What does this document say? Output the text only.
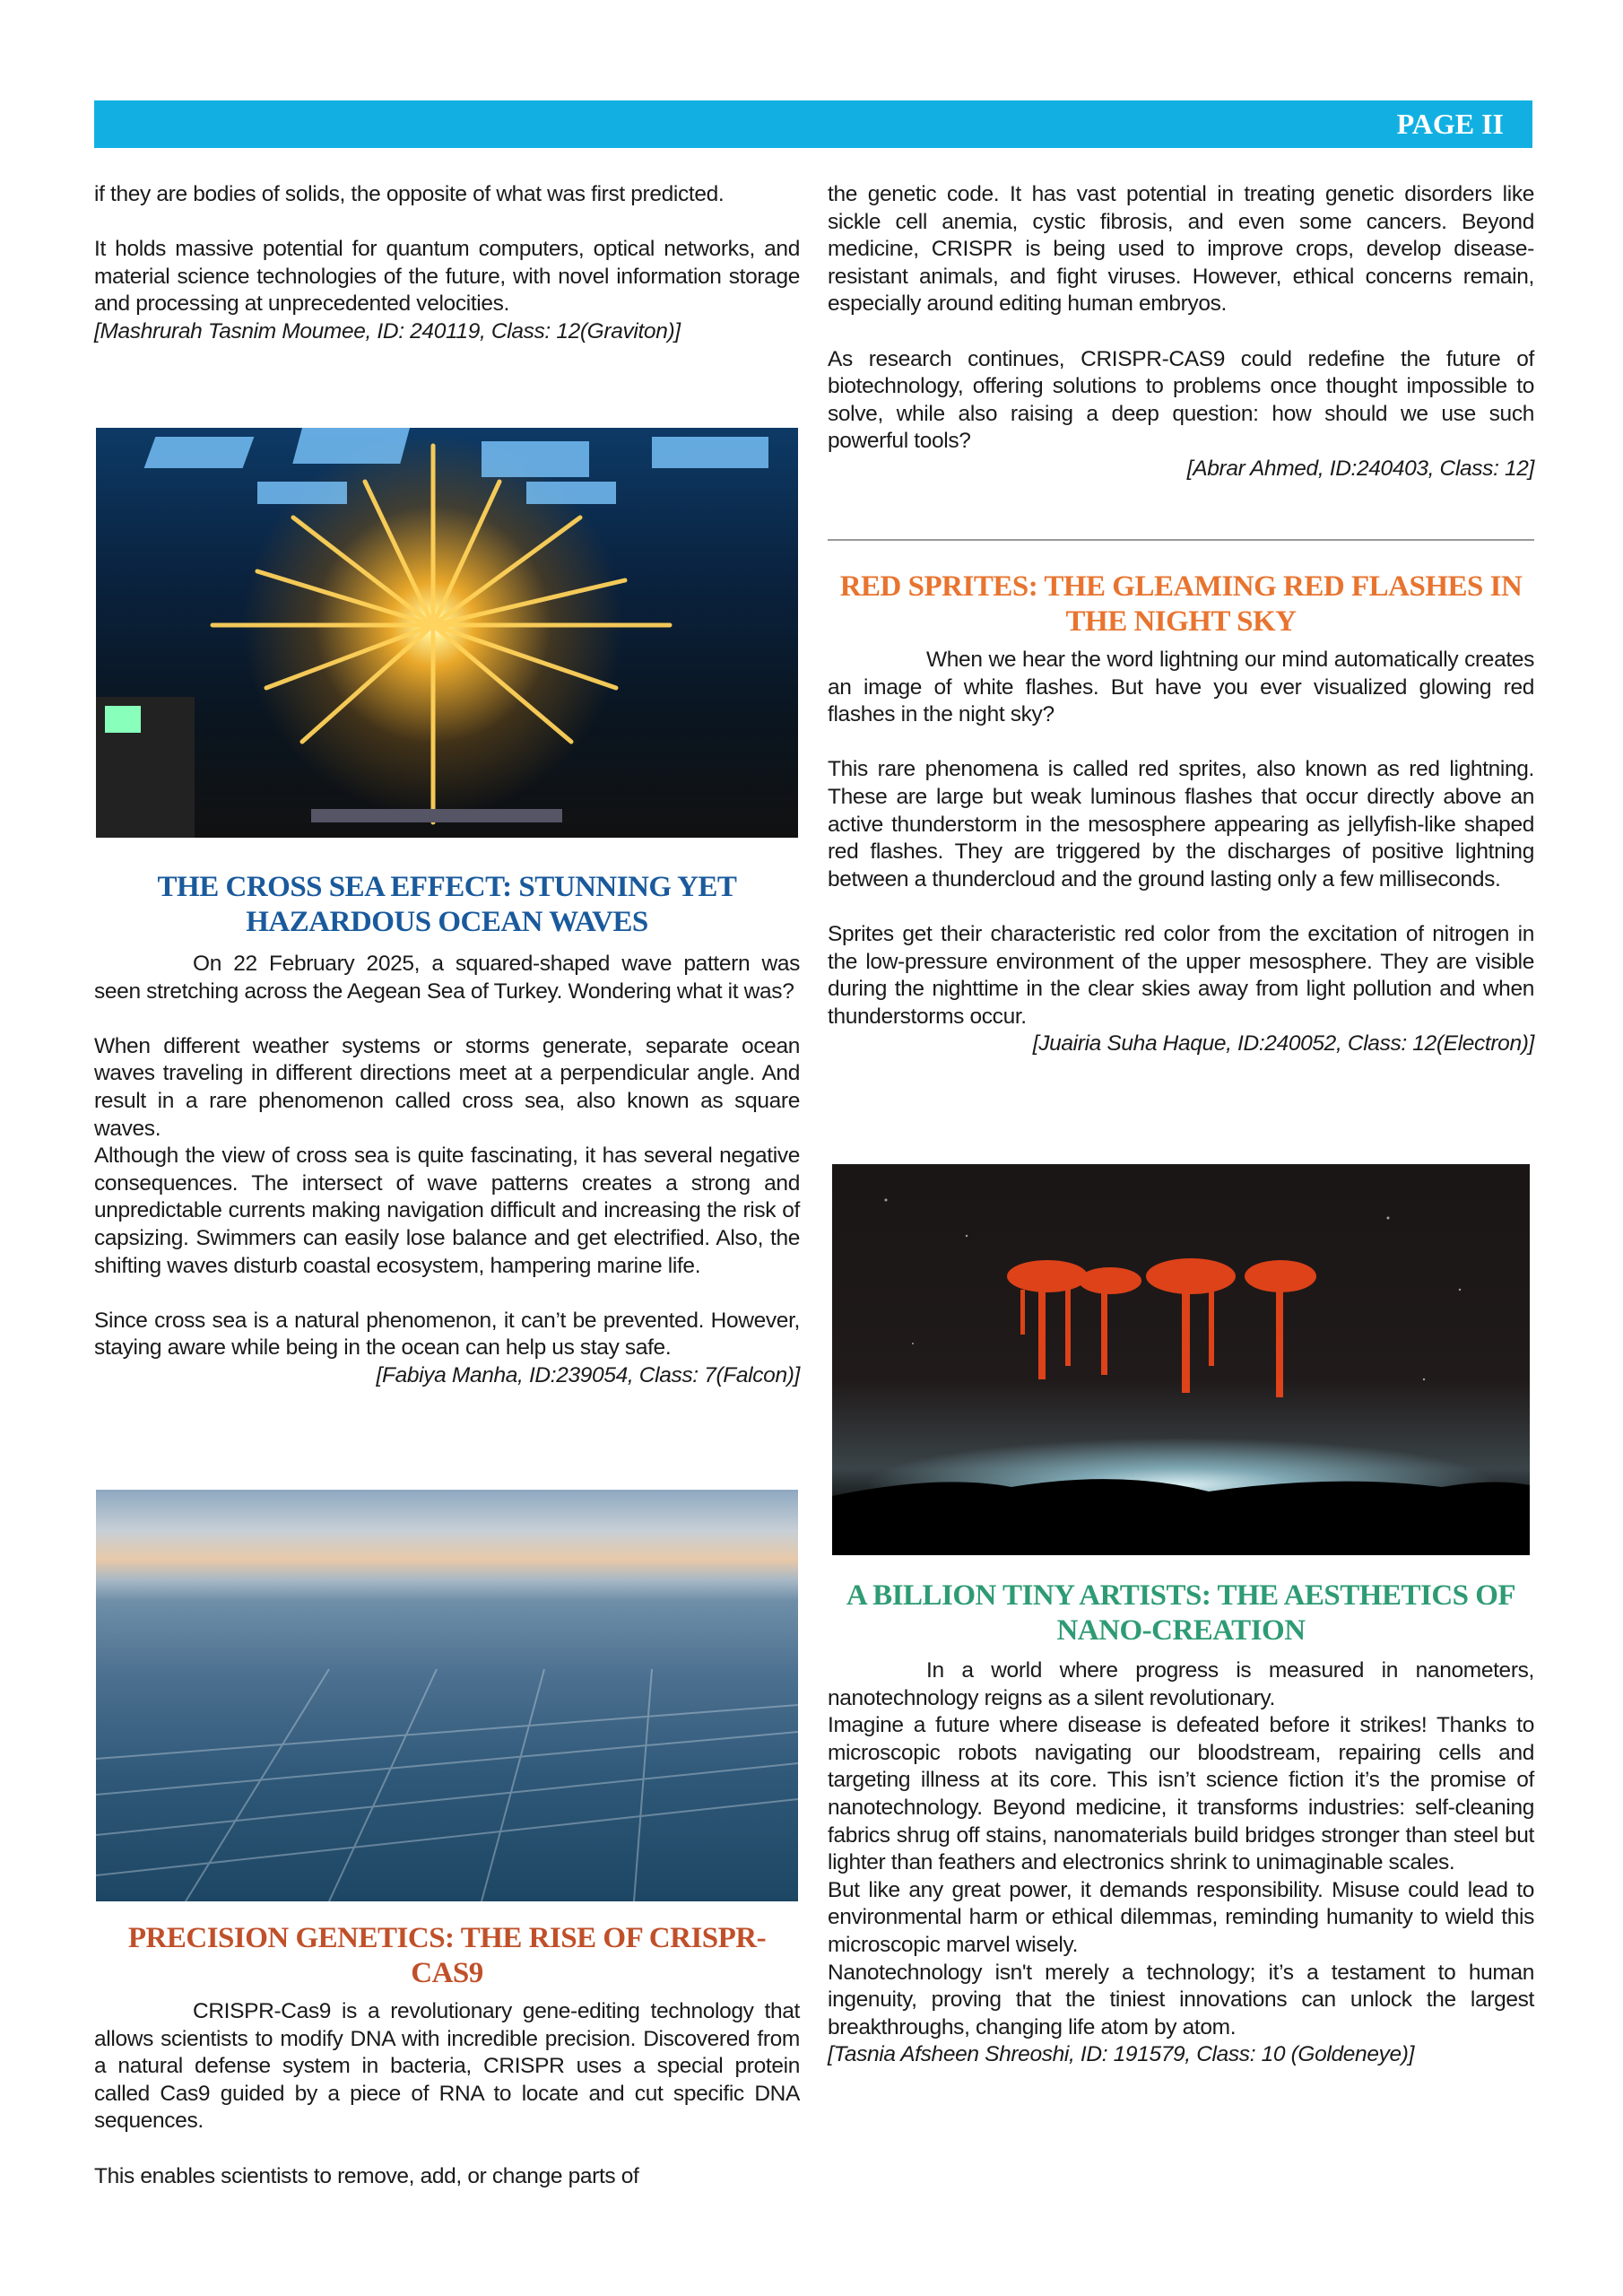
PAGE II

if they are bodies of solids, the opposite of what was first predicted.

It holds massive potential for quantum computers, optical networks, and material science technologies of the future, with novel information storage and processing at unprecedented velocities.

[Mashrurah Tasnim Moumee, ID: 240119, Class: 12(Graviton)]

THE CROSS SEA EFFECT: STUNNING YET HAZARDOUS OCEAN WAVES

On 22 February 2025, a squared-shaped wave pattern was seen stretching across the Aegean Sea of Turkey. Wondering what it was?

When different weather systems or storms generate, separate ocean waves traveling in different directions meet at a perpendicular angle. And result in a rare phenomenon called cross sea, also known as square waves.

Although the view of cross sea is quite fascinating, it has several negative consequences. The intersect of wave patterns creates a strong and unpredictable currents making navigation difficult and increasing the risk of capsizing. Swimmers can easily lose balance and get electrified. Also, the shifting waves disturb coastal ecosystem, hampering marine life.

Since cross sea is a natural phenomenon, it can’t be prevented. However, staying aware while being in the ocean can help us stay safe.

[Fabiya Manha, ID:239054, Class: 7(Falcon)]

PRECISION GENETICS: THE RISE OF CRISPR-CAS9

CRISPR-Cas9 is a revolutionary gene-editing technology that allows scientists to modify DNA with incredible precision. Discovered from a natural defense system in bacteria, CRISPR uses a special protein called Cas9 guided by a piece of RNA to locate and cut specific DNA sequences.

This enables scientists to remove, add, or change parts of

the genetic code. It has vast potential in treating genetic disorders like sickle cell anemia, cystic fibrosis, and even some cancers. Beyond medicine, CRISPR is being used to improve crops, develop disease-resistant animals, and fight viruses. However, ethical concerns remain, especially around editing human embryos.

As research continues, CRISPR-CAS9 could redefine the future of biotechnology, offering solutions to problems once thought impossible to solve, while also raising a deep question: how should we use such powerful tools?

[Abrar Ahmed, ID:240403, Class: 12]

RED SPRITES: THE GLEAMING RED FLASHES IN THE NIGHT SKY

When we hear the word lightning our mind automatically creates an image of white flashes. But have you ever visualized glowing red flashes in the night sky?

This rare phenomena is called red sprites, also known as red lightning. These are large but weak luminous flashes that occur directly above an active thunderstorm in the mesosphere appearing as jellyfish-like shaped red flashes. They are triggered by the discharges of positive lightning between a thundercloud and the ground lasting only a few milliseconds.

Sprites get their characteristic red color from the excitation of nitrogen in the low-pressure environment of the upper mesosphere. They are visible during the nighttime in the clear skies away from light pollution and when thunderstorms occur.

[Juairia Suha Haque, ID:240052, Class: 12(Electron)]

A BILLION TINY ARTISTS: THE AESTHETICS OF NANO-CREATION

In a world where progress is measured in nanometers, nanotechnology reigns as a silent revolutionary.

Imagine a future where disease is defeated before it strikes! Thanks to microscopic robots navigating our bloodstream, repairing cells and targeting illness at its core. This isn’t science fiction it’s the promise of nanotechnology. Beyond medicine, it transforms industries: self-cleaning fabrics shrug off stains, nanomaterials build bridges stronger than steel but lighter than feathers and electronics shrink to unimaginable scales.

But like any great power, it demands responsibility. Misuse could lead to environmental harm or ethical dilemmas, reminding humanity to wield this microscopic marvel wisely.

Nanotechnology isn't merely a technology; it’s a testament to human ingenuity, proving that the tiniest innovations can unlock the largest breakthroughs, changing life atom by atom.

[Tasnia Afsheen Shreoshi, ID: 191579, Class: 10 (Goldeneye)]
